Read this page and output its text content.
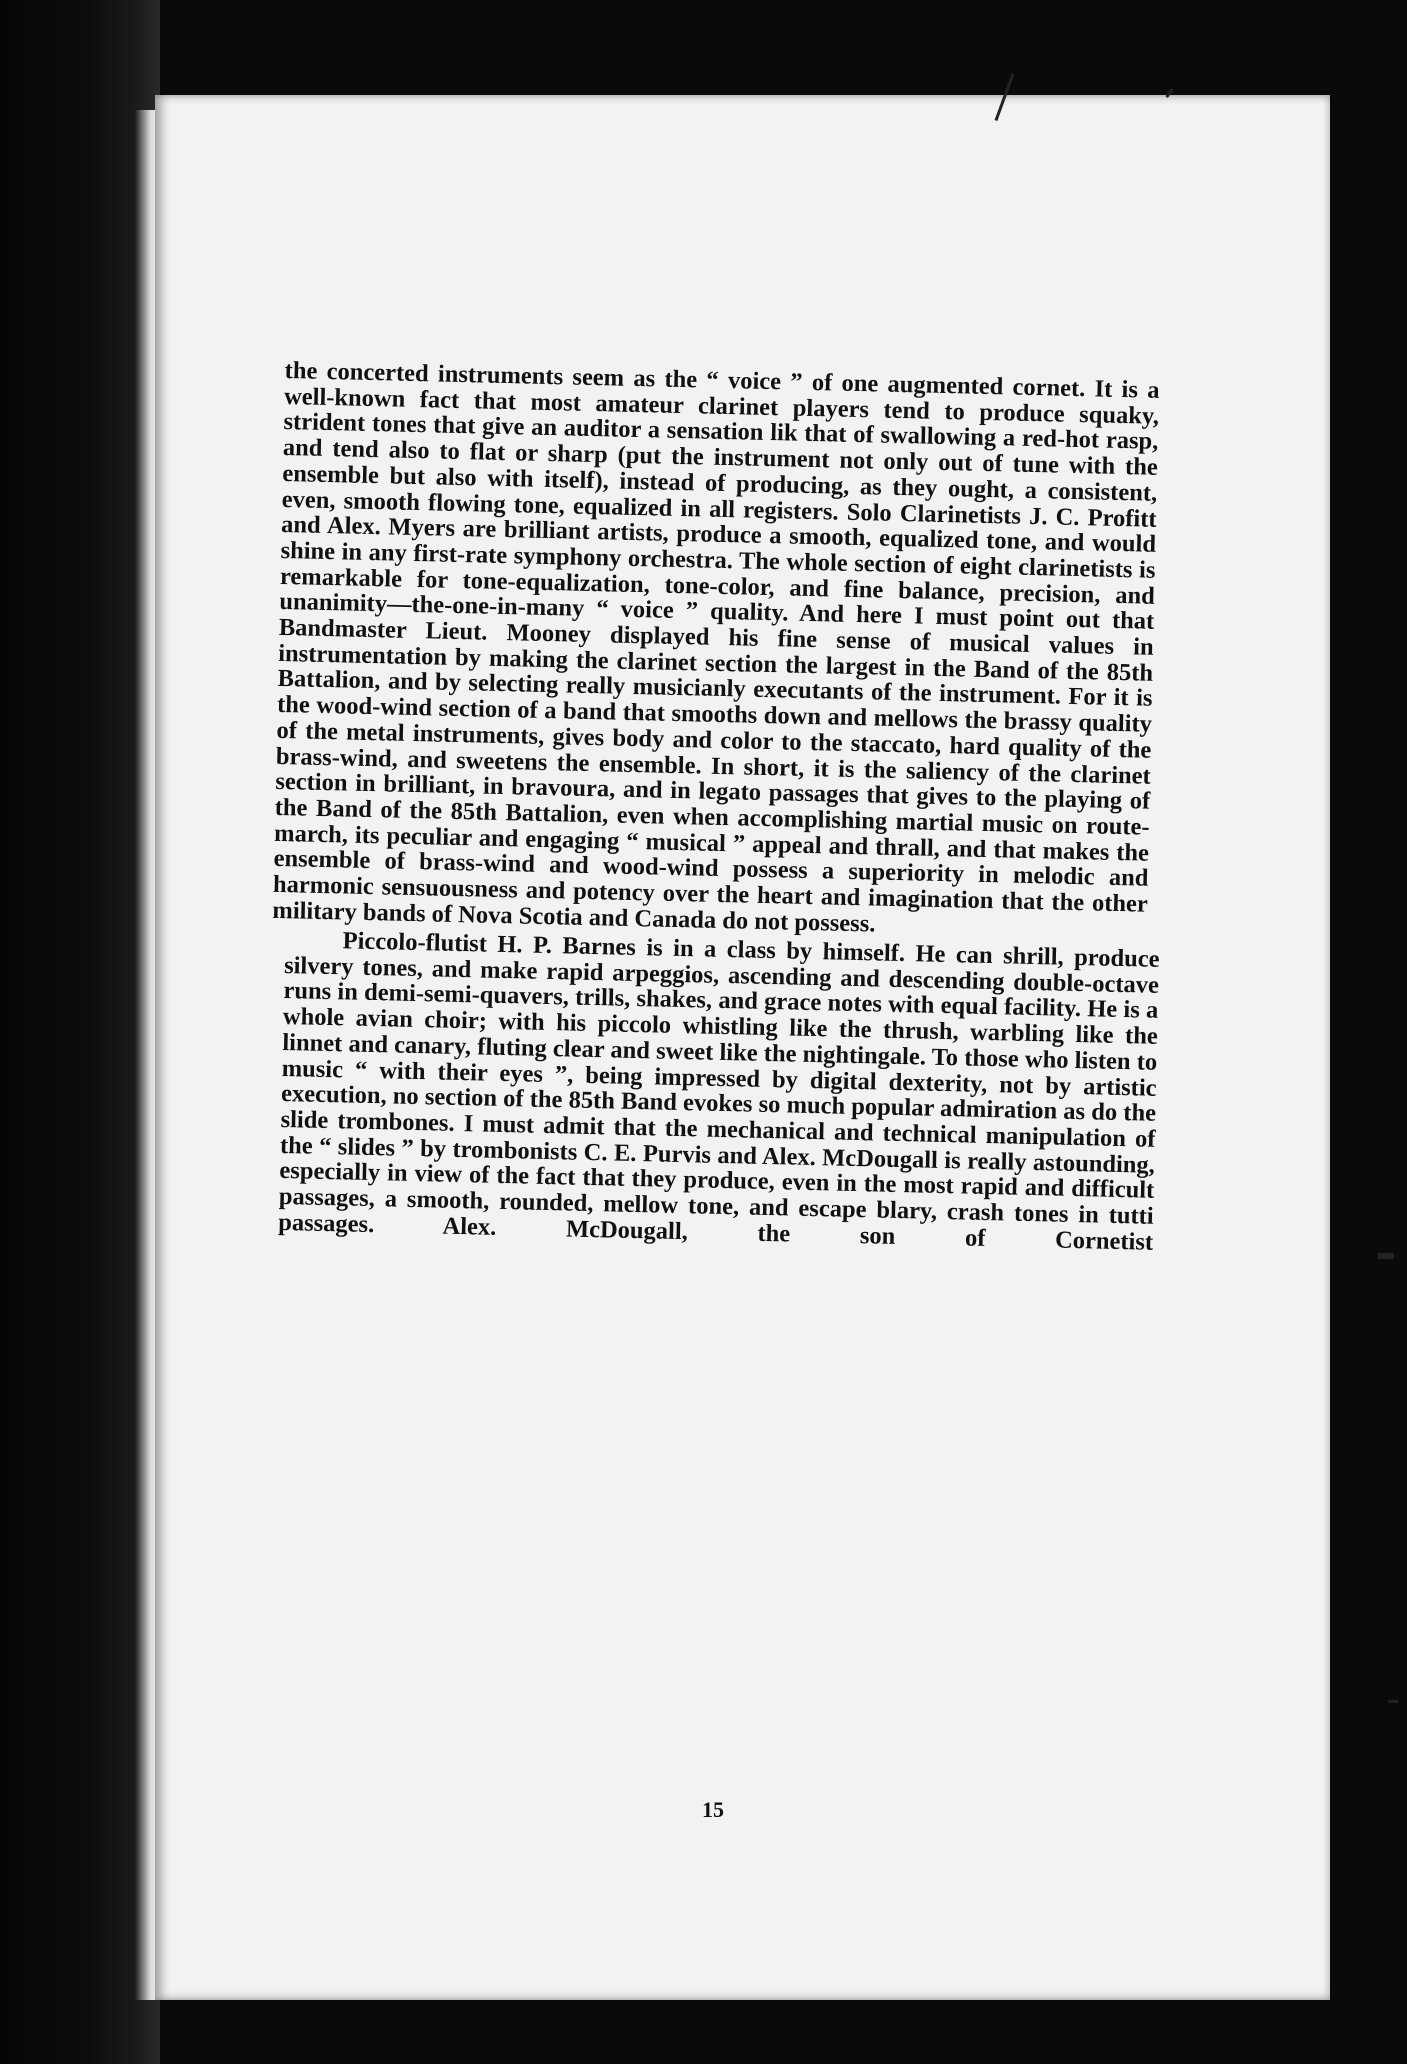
the concerted instruments seem as the “ voice ” of one augmented cornet. It is a well-known fact that most amateur clarinet players tend to produce squaky, strident tones that give an auditor a sensation lik that of swallowing a red-hot rasp, and tend also to flat or sharp (put the instrument not only out of tune with the ensemble but also with itself), instead of producing, as they ought, a consistent, even, smooth flowing tone, equalized in all registers. Solo Clarinetists J. C. Profitt and Alex. Myers are brilliant artists, produce a smooth, equalized tone, and would shine in any first-rate symphony orchestra. The whole section of eight clarinetists is remarkable for tone-equalization, tone-color, and fine balance, precision, and unanimity—the-one-in-many “ voice ” quality. And here I must point out that Bandmaster Lieut. Mooney displayed his fine sense of musical values in instrumentation by making the clarinet section the largest in the Band of the 85th Battalion, and by selecting really musicianly executants of the instrument. For it is the wood-wind section of a band that smooths down and mellows the brassy quality of the metal instruments, gives body and color to the staccato, hard quality of the brass-wind, and sweetens the ensemble. In short, it is the saliency of the clarinet section in brilliant, in bravoura, and in legato passages that gives to the playing of the Band of the 85th Battalion, even when accomplishing martial music on route-march, its peculiar and engaging “ musical ” appeal and thrall, and that makes the ensemble of brass-wind and wood-wind possess a superiority in melodic and harmonic sensuousness and potency over the heart and imagination that the other military bands of Nova Scotia and Canada do not possess.

Piccolo-flutist H. P. Barnes is in a class by himself. He can shrill, produce silvery tones, and make rapid arpeggios, ascending and descending double-octave runs in demi-semi-quavers, trills, shakes, and grace notes with equal facility. He is a whole avian choir; with his piccolo whistling like the thrush, warbling like the linnet and canary, fluting clear and sweet like the nightingale. To those who listen to music “ with their eyes ”, being impressed by digital dexterity, not by artistic execution, no section of the 85th Band evokes so much popular admiration as do the slide trombones. I must admit that the mechanical and technical manipulation of the “ slides ” by trombonists C. E. Purvis and Alex. McDougall is really astounding, especially in view of the fact that they produce, even in the most rapid and difficult passages, a smooth, rounded, mellow tone, and escape blary, crash tones in tutti passages. Alex. McDougall, the son of Cornetist

15
